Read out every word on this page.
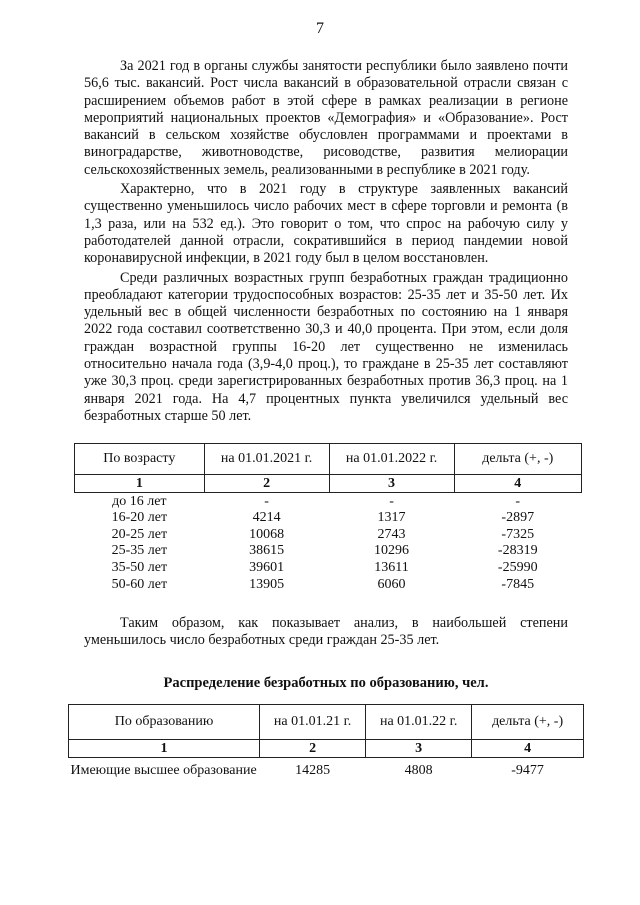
7

За 2021 год в органы службы занятости республики было заявлено почти 56,6 тыс. вакансий. Рост числа вакансий в образовательной отрасли связан с расширением объемов работ в этой сфере в рамках реализации в регионе мероприятий национальных проектов «Демография» и «Образование». Рост вакансий в сельском хозяйстве обусловлен программами и проектами в виноградарстве, животноводстве, рисоводстве, развития мелиорации сельскохозяйственных земель, реализованными в республике в 2021 году.

Характерно, что в 2021 году в структуре заявленных вакансий существенно уменьшилось число рабочих мест в сфере торговли и ремонта (в 1,3 раза, или на 532 ед.). Это говорит о том, что спрос на рабочую силу у работодателей данной отрасли, сократившийся в период пандемии новой коронавирусной инфекции, в 2021 году был в целом восстановлен.

Среди различных возрастных групп безработных граждан традиционно преобладают категории трудоспособных возрастов: 25-35 лет и 35-50 лет. Их удельный вес в общей численности безработных по состоянию на 1 января 2022 года составил соответственно 30,3 и 40,0 процента. При этом, если доля граждан возрастной группы 16-20 лет существенно не изменилась относительно начала года (3,9-4,0 проц.), то граждане в 25-35 лет составляют уже 30,3 проц. среди зарегистрированных безработных против 36,3 проц. на 1 января 2021 года. На 4,7 процентных пункта увеличился удельный вес безработных старше 50 лет.

По возрасту	на 01.01.2021 г.	на 01.01.2022 г.	дельта (+, -)
1	2	3	4
до 16 лет	-	-	-
16-20 лет	4214	1317	-2897
20-25 лет	10068	2743	-7325
25-35 лет	38615	10296	-28319
35-50 лет	39601	13611	-25990
50-60 лет	13905	6060	-7845

Таким образом, как показывает анализ, в наибольшей степени уменьшилось число безработных среди граждан 25-35 лет.

Распределение безработных по образованию, чел.
По образованию	на 01.01.21 г.	на 01.01.22 г.	дельта (+, -)
1	2	3	4
Имеющие высшее образование	14285	4808	-9477
